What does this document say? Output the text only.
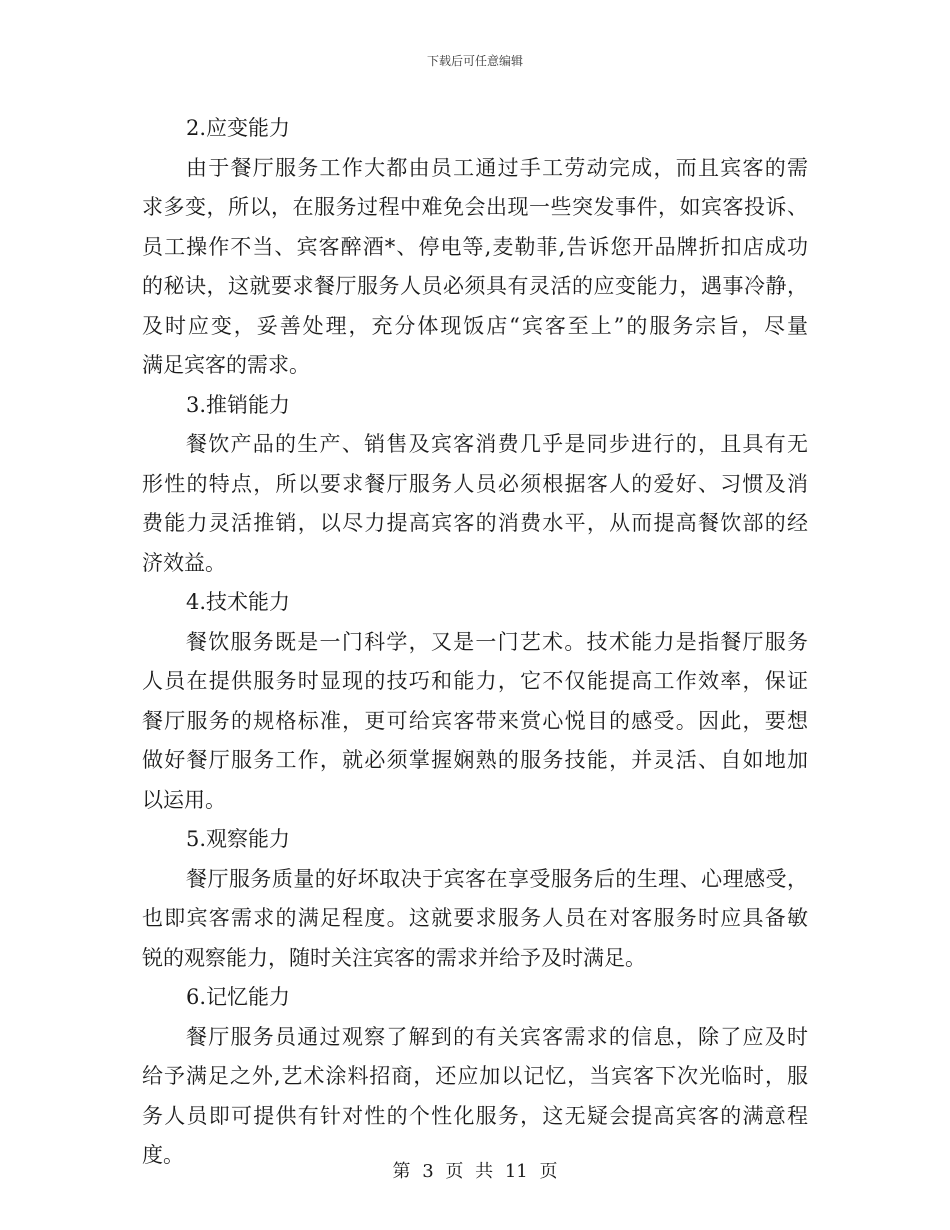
下载后可任意编辑
2.应变能力
由于餐厅服务工作大都由员工通过手工劳动完成，而且宾客的需
求多变，所以，在服务过程中难免会出现一些突发事件，如宾客投诉、
员工操作不当、宾客醉酒*、停电等,麦勒菲,告诉您开品牌折扣店成功
的秘诀，这就要求餐厅服务人员必须具有灵活的应变能力，遇事冷静，
及时应变，妥善处理，充分体现饭店“宾客至上”的服务宗旨，尽量
满足宾客的需求。
3.推销能力
餐饮产品的生产、销售及宾客消费几乎是同步进行的，且具有无
形性的特点，所以要求餐厅服务人员必须根据客人的爱好、习惯及消
费能力灵活推销，以尽力提高宾客的消费水平，从而提高餐饮部的经
济效益。
4.技术能力
餐饮服务既是一门科学，又是一门艺术。技术能力是指餐厅服务
人员在提供服务时显现的技巧和能力，它不仅能提高工作效率，保证
餐厅服务的规格标准，更可给宾客带来赏心悦目的感受。因此，要想
做好餐厅服务工作，就必须掌握娴熟的服务技能，并灵活、自如地加
以运用。
5.观察能力
餐厅服务质量的好坏取决于宾客在享受服务后的生理、心理感受，
也即宾客需求的满足程度。这就要求服务人员在对客服务时应具备敏
锐的观察能力，随时关注宾客的需求并给予及时满足。
6.记忆能力
餐厅服务员通过观察了解到的有关宾客需求的信息，除了应及时
给予满足之外,艺术涂料招商，还应加以记忆，当宾客下次光临时，服
务人员即可提供有针对性的个性化服务，这无疑会提高宾客的满意程
度。
第 3 页 共 11 页
